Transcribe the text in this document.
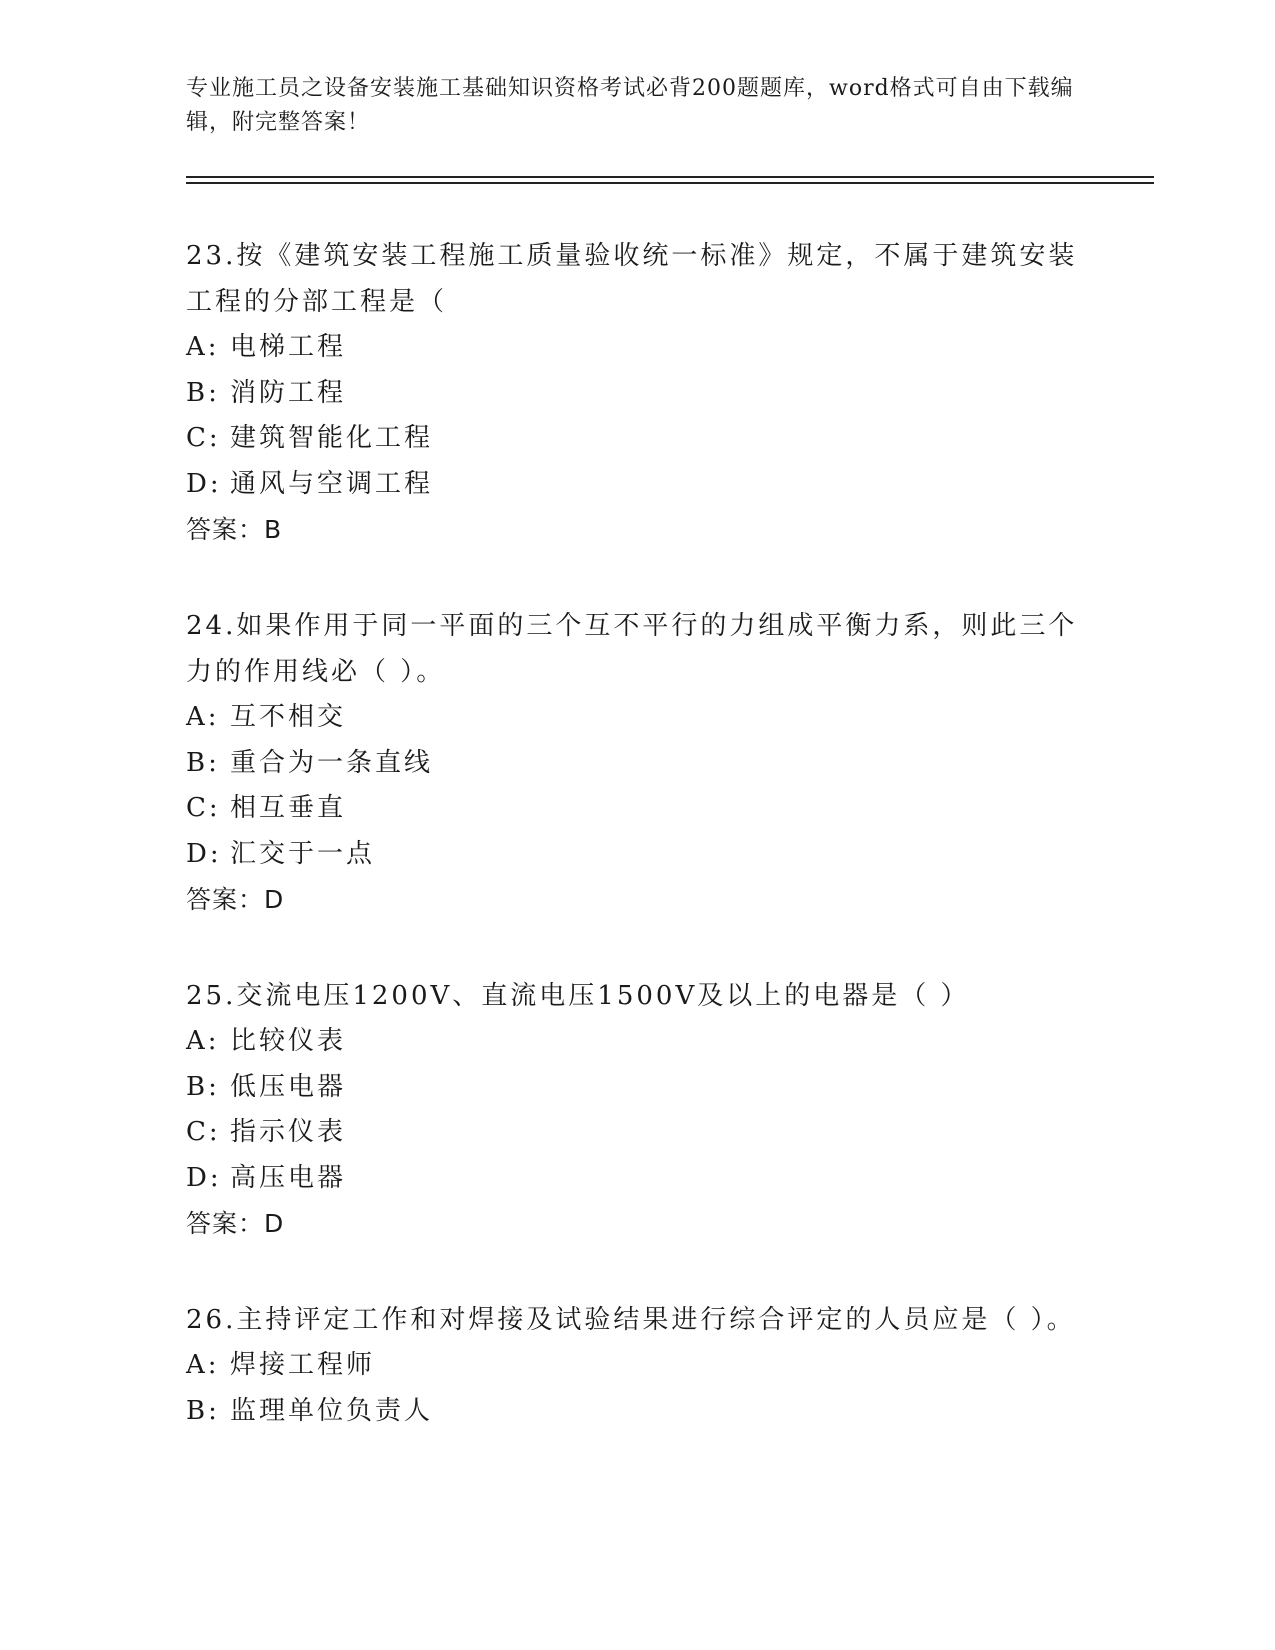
专业施工员之设备安装施工基础知识资格考试必背200题题库，word格式可自由下载编辑，附完整答案！
23.按《建筑安装工程施工质量验收统一标准》规定，不属于建筑安装工程的分部工程是（
A: 电梯工程
B: 消防工程
C: 建筑智能化工程
D: 通风与空调工程
答案：B
24.如果作用于同一平面的三个互不平行的力组成平衡力系，则此三个力的作用线必（ ）。
A: 互不相交
B: 重合为一条直线
C: 相互垂直
D: 汇交于一点
答案：D
25.交流电压1200V、直流电压1500V及以上的电器是（ ）
A: 比较仪表
B: 低压电器
C: 指示仪表
D: 高压电器
答案：D
26.主持评定工作和对焊接及试验结果进行综合评定的人员应是（ ）。
A: 焊接工程师
B: 监理单位负责人
